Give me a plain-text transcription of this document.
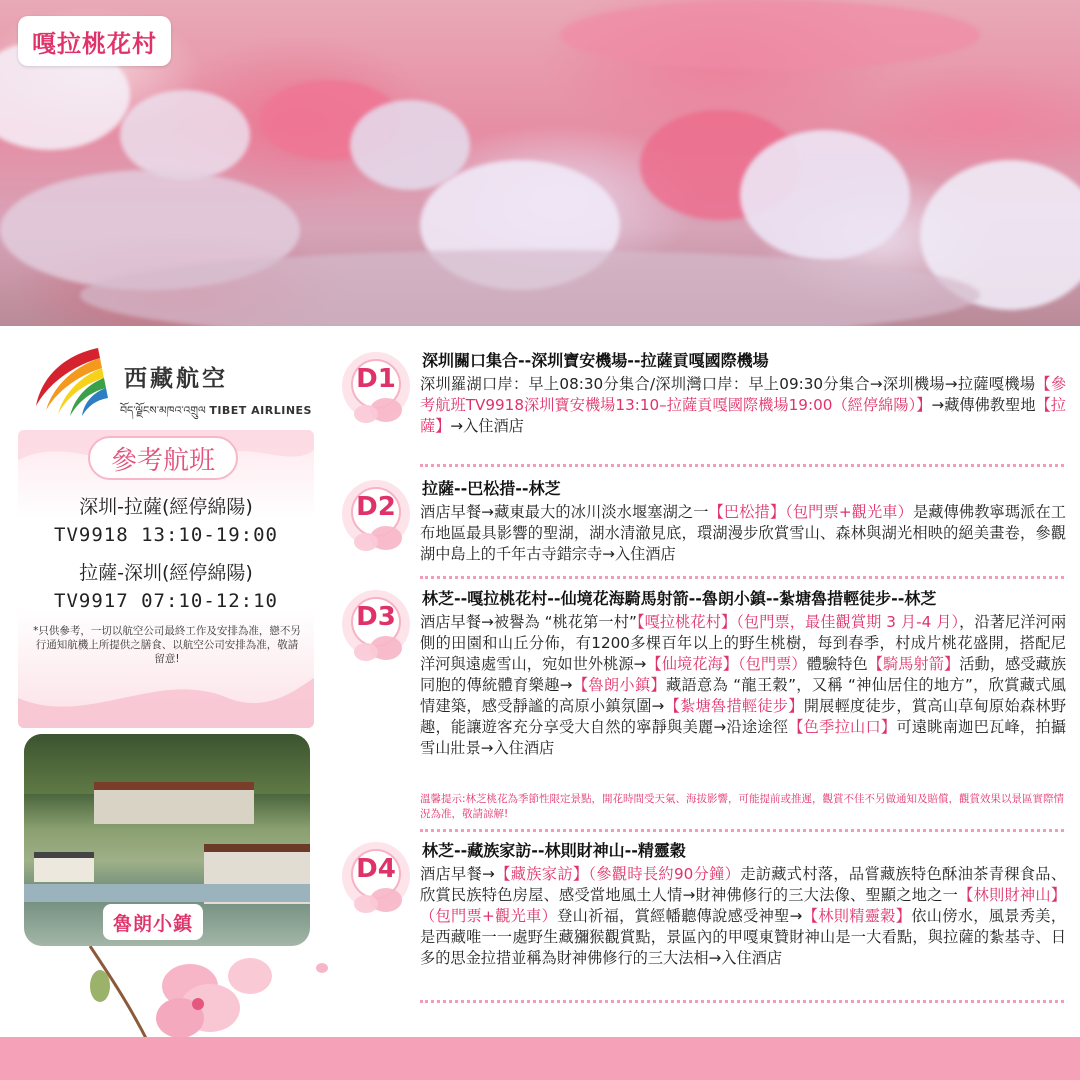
嘎拉桃花村
西藏航空
བོད་ལྗོངས་མཁའ་འགྲུལ TIBET AIRLINES
參考航班
深圳-拉薩(經停綿陽)
TV9918 13:10-19:00
拉薩-深圳(經停綿陽)
TV9917 07:10-12:10
*只供參考，一切以航空公司最終工作及安排為准，戀不另行通知航機上所提供之膳食、以航空公司安排為准，敬請留意!
魯朗小鎮
D1
深圳關口集合--深圳寶安機場--拉薩貢嘎國際機場
深圳羅湖口岸：早上08:30分集合/深圳灣口岸：早上09:30分集合→深圳機場→拉薩嘎機場【參考航班TV9918深圳寶安機場13:10–拉薩貢嘎國際機場19:00（經停綿陽）】→藏傳佛教聖地【拉薩】→入住酒店
D2
拉薩--巴松措--林芝
酒店早餐→藏東最大的冰川淡水堰塞湖之一【巴松措】（包門票+觀光車）是藏傳佛教寧瑪派在工布地區最具影響的聖湖，湖水清澈見底，環湖漫步欣賞雪山、森林與湖光相映的絕美畫卷，參觀湖中島上的千年古寺錯宗寺→入住酒店
D3
林芝--嘎拉桃花村--仙境花海騎馬射箭--魯朗小鎮--紮塘魯措輕徒步--林芝
酒店早餐→被譽為 “桃花第一村”【嘎拉桃花村】（包門票，最佳觀賞期 3 月-4 月），沿著尼洋河兩側的田園和山丘分佈，有1200多棵百年以上的野生桃樹，每到春季，村成片桃花盛開，搭配尼洋河與遠處雪山，宛如世外桃源→【仙境花海】（包門票）體驗特色【騎馬射箭】活動，感受藏族同胞的傳統體育樂趣→【魯朗小鎮】藏語意為 “龍王穀”，又稱 “神仙居住的地方”，欣賞藏式風情建築，感受靜謐的高原小鎮氛圍→【紮塘魯措輕徒步】開展輕度徒步，賞高山草甸原始森林野趣，能讓遊客充分享受大自然的寧靜與美麗→沿途途徑【色季拉山口】可遠眺南迦巴瓦峰，拍攝雪山壯景→入住酒店
溫馨提示:林芝桃花為季節性限定景點，開花時間受天氣、海拔影響，可能提前或推遲，觀賞不佳不另做通知及賠償，觀賞效果以景區實際情況為准，敬請諒解!
D4
林芝--藏族家訪--林則財神山--精靈穀
酒店早餐→【藏族家訪】（參觀時長約90分鐘）走訪藏式村落，品嘗藏族特色酥油茶青稞食品、欣賞民族特色房屋、感受當地風土人情→財神佛修行的三大法像、聖顯之地之一【林則財神山】（包門票+觀光車）登山祈福，賞經幡聽傳說感受神聖→【林則精靈穀】依山傍水，風景秀美，是西藏唯一一處野生藏獼猴觀賞點，景區內的甲嘎東贊財神山是一大看點，與拉薩的紮基寺、日多的思金拉措並稱為財神佛修行的三大法相→入住酒店
